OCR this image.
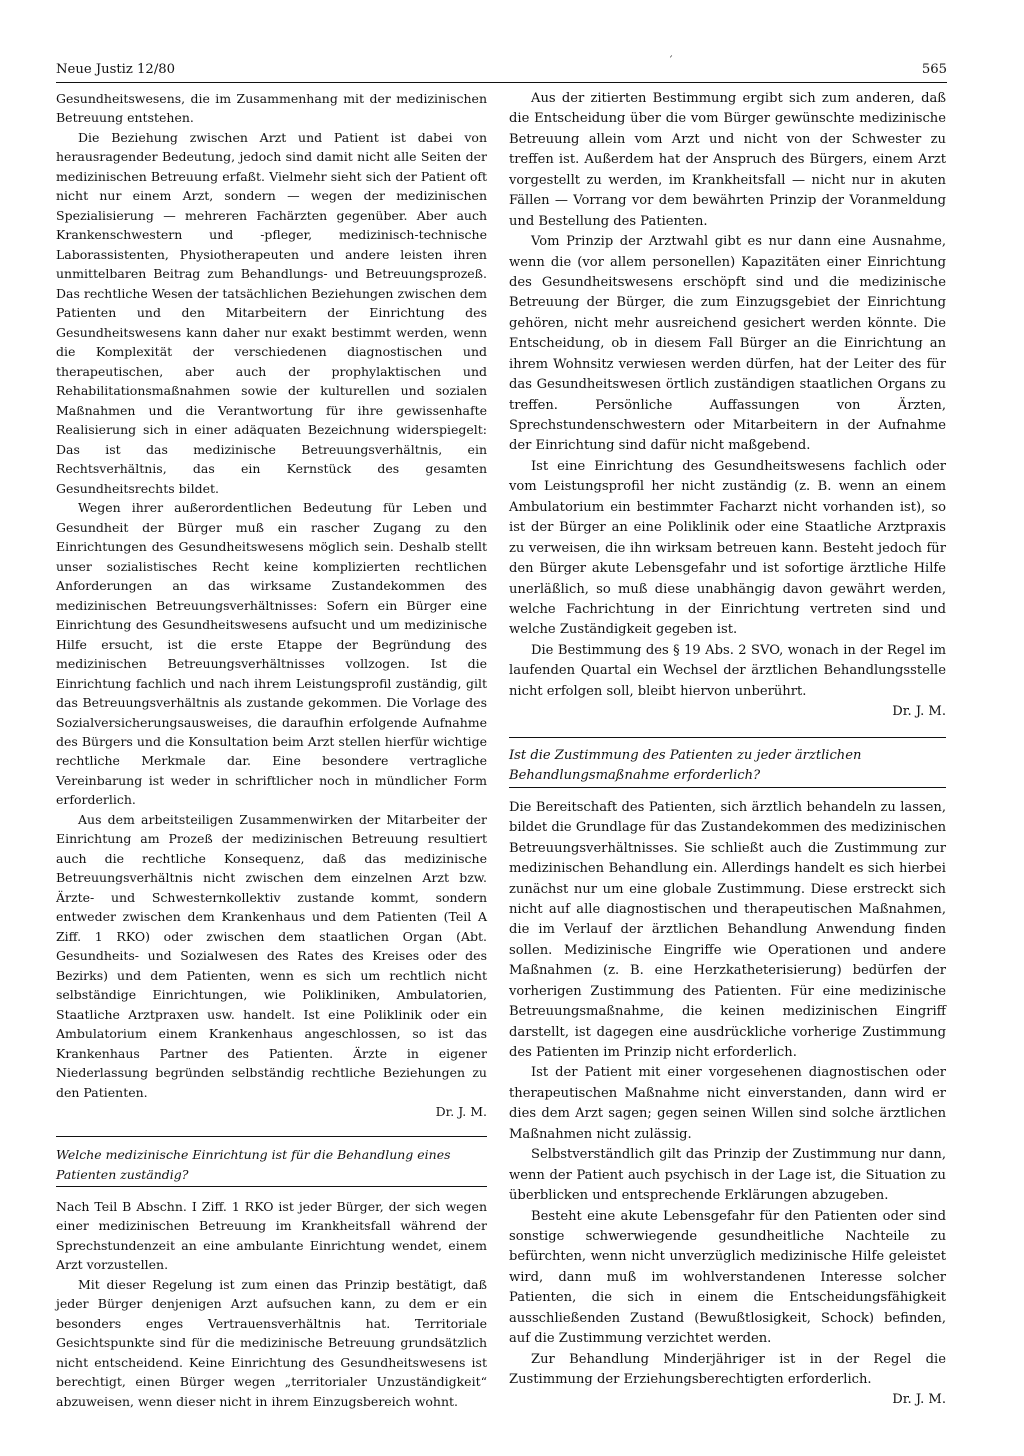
Neue Justiz 12/80	565
ˊ

Gesundheitswesens, die im Zusammenhang mit der medizinischen Betreuung entstehen.

Die Beziehung zwischen Arzt und Patient ist dabei von herausragender Bedeutung, jedoch sind damit nicht alle Seiten der medizinischen Betreuung erfaßt. Vielmehr sieht sich der Patient oft nicht nur einem Arzt, sondern — wegen der medizinischen Spezialisierung — mehreren Fachärzten gegenüber. Aber auch Krankenschwestern und -pfleger, medizinisch-technische Laborassistenten, Physiotherapeuten und andere leisten ihren unmittelbaren Beitrag zum Behandlungs- und Betreuungsprozeß. Das rechtliche Wesen der tatsächlichen Beziehungen zwischen dem Patienten und den Mitarbeitern der Einrichtung des Gesundheitswesens kann daher nur exakt bestimmt werden, wenn die Komplexität der verschiedenen diagnostischen und therapeutischen, aber auch der prophylaktischen und Rehabilitationsmaßnahmen sowie der kulturellen und sozialen Maßnahmen und die Verantwortung für ihre gewissenhafte Realisierung sich in einer adäquaten Bezeichnung widerspiegelt: Das ist das medizinische Betreuungsverhältnis, ein Rechtsverhältnis, das ein Kernstück des gesamten Gesundheitsrechts bildet.

Wegen ihrer außerordentlichen Bedeutung für Leben und Gesundheit der Bürger muß ein rascher Zugang zu den Einrichtungen des Gesundheitswesens möglich sein. Deshalb stellt unser sozialistisches Recht keine komplizierten rechtlichen Anforderungen an das wirksame Zustandekommen des medizinischen Betreuungsverhältnisses: Sofern ein Bürger eine Einrichtung des Gesundheitswesens aufsucht und um medizinische Hilfe ersucht, ist die erste Etappe der Begründung des medizinischen Betreuungsverhältnisses vollzogen. Ist die Einrichtung fachlich und nach ihrem Leistungsprofil zuständig, gilt das Betreuungsverhältnis als zustande gekommen. Die Vorlage des Sozialversicherungsausweises, die daraufhin erfolgende Aufnahme des Bürgers und die Konsultation beim Arzt stellen hierfür wichtige rechtliche Merkmale dar. Eine besondere vertragliche Vereinbarung ist weder in schriftlicher noch in mündlicher Form erforderlich.

Aus dem arbeitsteiligen Zusammenwirken der Mitarbeiter der Einrichtung am Prozeß der medizinischen Betreuung resultiert auch die rechtliche Konsequenz, daß das medizinische Betreuungsverhältnis nicht zwischen dem einzelnen Arzt bzw. Ärzte- und Schwesternkollektiv zustande kommt, sondern entweder zwischen dem Krankenhaus und dem Patienten (Teil A Ziff. 1 RKO) oder zwischen dem staatlichen Organ (Abt. Gesundheits- und Sozialwesen des Rates des Kreises oder des Bezirks) und dem Patienten, wenn es sich um rechtlich nicht selbständige Einrichtungen, wie Polikliniken, Ambulatorien, Staatliche Arztpraxen usw. handelt. Ist eine Poliklinik oder ein Ambulatorium einem Krankenhaus angeschlossen, so ist das Krankenhaus Partner des Patienten. Ärzte in eigener Niederlassung begründen selbständig rechtliche Beziehungen zu den Patienten.

Dr. J. M.

Welche medizinische Einrichtung ist für die Behandlung eines Patienten zuständig?

Nach Teil B Abschn. I Ziff. 1 RKO ist jeder Bürger, der sich wegen einer medizinischen Betreuung im Krankheitsfall während der Sprechstundenzeit an eine ambulante Einrichtung wendet, einem Arzt vorzustellen.

Mit dieser Regelung ist zum einen das Prinzip bestätigt, daß jeder Bürger denjenigen Arzt aufsuchen kann, zu dem er ein besonders enges Vertrauensverhältnis hat. Territoriale Gesichtspunkte sind für die medizinische Betreuung grundsätzlich nicht entscheidend. Keine Einrichtung des Gesundheitswesens ist berechtigt, einen Bürger wegen „territorialer Unzuständigkeit“ abzuweisen, wenn dieser nicht in ihrem Einzugsbereich wohnt.

Aus der zitierten Bestimmung ergibt sich zum anderen, daß die Entscheidung über die vom Bürger gewünschte medizinische Betreuung allein vom Arzt und nicht von der Schwester zu treffen ist. Außerdem hat der Anspruch des Bürgers, einem Arzt vorgestellt zu werden, im Krankheitsfall — nicht nur in akuten Fällen — Vorrang vor dem bewährten Prinzip der Voranmeldung und Bestellung des Patienten.

Vom Prinzip der Arztwahl gibt es nur dann eine Ausnahme, wenn die (vor allem personellen) Kapazitäten einer Einrichtung des Gesundheitswesens erschöpft sind und die medizinische Betreuung der Bürger, die zum Einzugsgebiet der Einrichtung gehören, nicht mehr ausreichend gesichert werden könnte. Die Entscheidung, ob in diesem Fall Bürger an die Einrichtung an ihrem Wohnsitz verwiesen werden dürfen, hat der Leiter des für das Gesundheitswesen örtlich zuständigen staatlichen Organs zu treffen. Persönliche Auffassungen von Ärzten, Sprechstundenschwestern oder Mitarbeitern in der Aufnahme der Einrichtung sind dafür nicht maßgebend.

Ist eine Einrichtung des Gesundheitswesens fachlich oder vom Leistungsprofil her nicht zuständig (z. B. wenn an einem Ambulatorium ein bestimmter Facharzt nicht vorhanden ist), so ist der Bürger an eine Poliklinik oder eine Staatliche Arztpraxis zu verweisen, die ihn wirksam betreuen kann. Besteht jedoch für den Bürger akute Lebensgefahr und ist sofortige ärztliche Hilfe unerläßlich, so muß diese unabhängig davon gewährt werden, welche Fachrichtung in der Einrichtung vertreten sind und welche Zuständigkeit gegeben ist.

Die Bestimmung des § 19 Abs. 2 SVO, wonach in der Regel im laufenden Quartal ein Wechsel der ärztlichen Behandlungsstelle nicht erfolgen soll, bleibt hiervon unberührt.

Dr. J. M.

Ist die Zustimmung des Patienten zu jeder ärztlichen Behandlungsmaßnahme erforderlich?

Die Bereitschaft des Patienten, sich ärztlich behandeln zu lassen, bildet die Grundlage für das Zustandekommen des medizinischen Betreuungsverhältnisses. Sie schließt auch die Zustimmung zur medizinischen Behandlung ein. Allerdings handelt es sich hierbei zunächst nur um eine globale Zustimmung. Diese erstreckt sich nicht auf alle diagnostischen und therapeutischen Maßnahmen, die im Verlauf der ärztlichen Behandlung Anwendung finden sollen. Medizinische Eingriffe wie Operationen und andere Maßnahmen (z. B. eine Herzkatheterisierung) bedürfen der vorherigen Zustimmung des Patienten. Für eine medizinische Betreuungsmaßnahme, die keinen medizinischen Eingriff darstellt, ist dagegen eine ausdrückliche vorherige Zustimmung des Patienten im Prinzip nicht erforderlich.

Ist der Patient mit einer vorgesehenen diagnostischen oder therapeutischen Maßnahme nicht einverstanden, dann wird er dies dem Arzt sagen; gegen seinen Willen sind solche ärztlichen Maßnahmen nicht zulässig.

Selbstverständlich gilt das Prinzip der Zustimmung nur dann, wenn der Patient auch psychisch in der Lage ist, die Situation zu überblicken und entsprechende Erklärungen abzugeben.

Besteht eine akute Lebensgefahr für den Patienten oder sind sonstige schwerwiegende gesundheitliche Nachteile zu befürchten, wenn nicht unverzüglich medizinische Hilfe geleistet wird, dann muß im wohlverstandenen Interesse solcher Patienten, die sich in einem die Entscheidungsfähigkeit ausschließenden Zustand (Bewußtlosigkeit, Schock) befinden, auf die Zustimmung verzichtet werden.

Zur Behandlung Minderjähriger ist in der Regel die Zustimmung der Erziehungsberechtigten erforderlich.

Dr. J. M.
